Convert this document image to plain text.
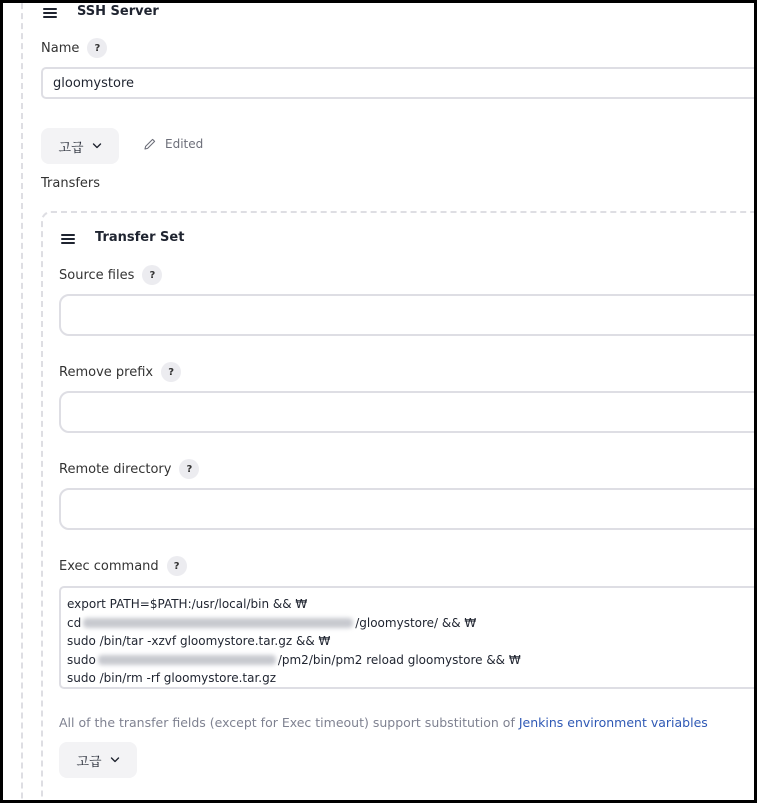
SSH Server
Name	?
gloomystore
고급	Edited
Transfers
Transfer Set
Source files	?
Remove prefix	?
Remote directory	?
Exec command	?
export PATH=$PATH:/usr/local/bin && ₩
cd	/gloomystore/ && ₩
sudo /bin/tar -xzvf gloomystore.tar.gz && ₩
sudo	/pm2/bin/pm2 reload gloomystore && ₩
sudo /bin/rm -rf gloomystore.tar.gz
All of the transfer fields (except for Exec timeout) support substitution of Jenkins environment variables
고급
